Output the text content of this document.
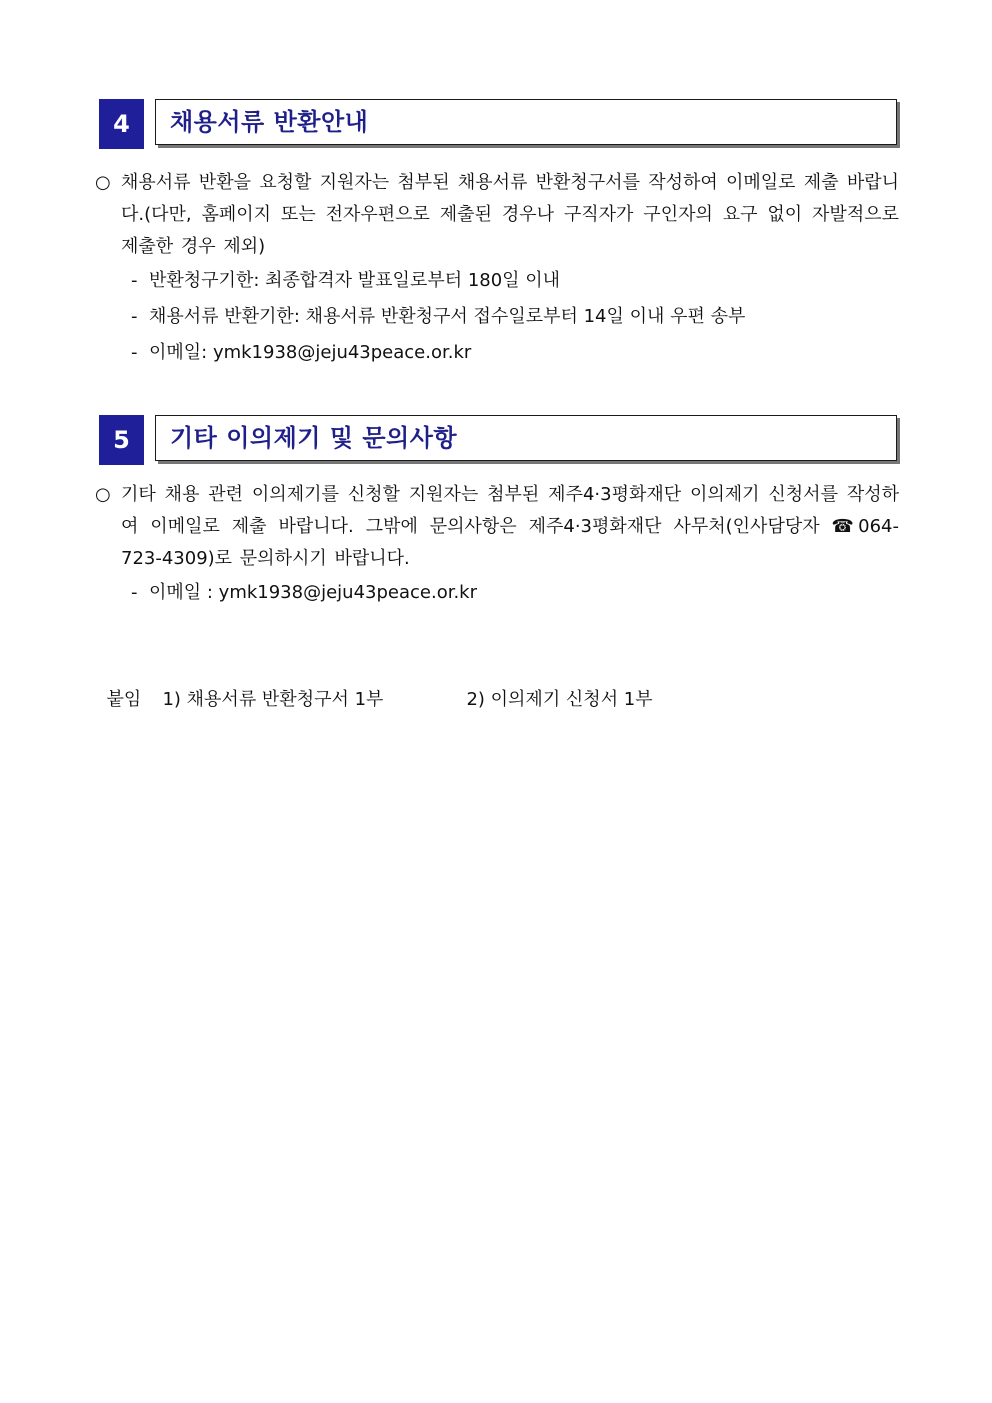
4	채용서류 반환안내
○ 채용서류 반환을 요청할 지원자는 첨부된 채용서류 반환청구서를 작성하여 이메일로 제출 바랍니다.(다만, 홈페이지 또는 전자우편으로 제출된 경우나 구직자가 구인자의 요구 없이 자발적으로 제출한 경우 제외)
- 반환청구기한: 최종합격자 발표일로부터 180일 이내
- 채용서류 반환기한: 채용서류 반환청구서 접수일로부터 14일 이내 우편 송부
- 이메일: ymk1938@jeju43peace.or.kr
5	기타 이의제기 및 문의사항
○ 기타 채용 관련 이의제기를 신청할 지원자는 첨부된 제주4·3평화재단 이의제기 신청서를 작성하여 이메일로 제출 바랍니다. 그밖에 문의사항은 제주4·3평화재단 사무처(인사담당자 ☎064-723-4309)로 문의하시기 바랍니다.
- 이메일 : ymk1938@jeju43peace.or.kr

붙임 1) 채용서류 반환청구서 1부	2) 이의제기 신청서 1부
